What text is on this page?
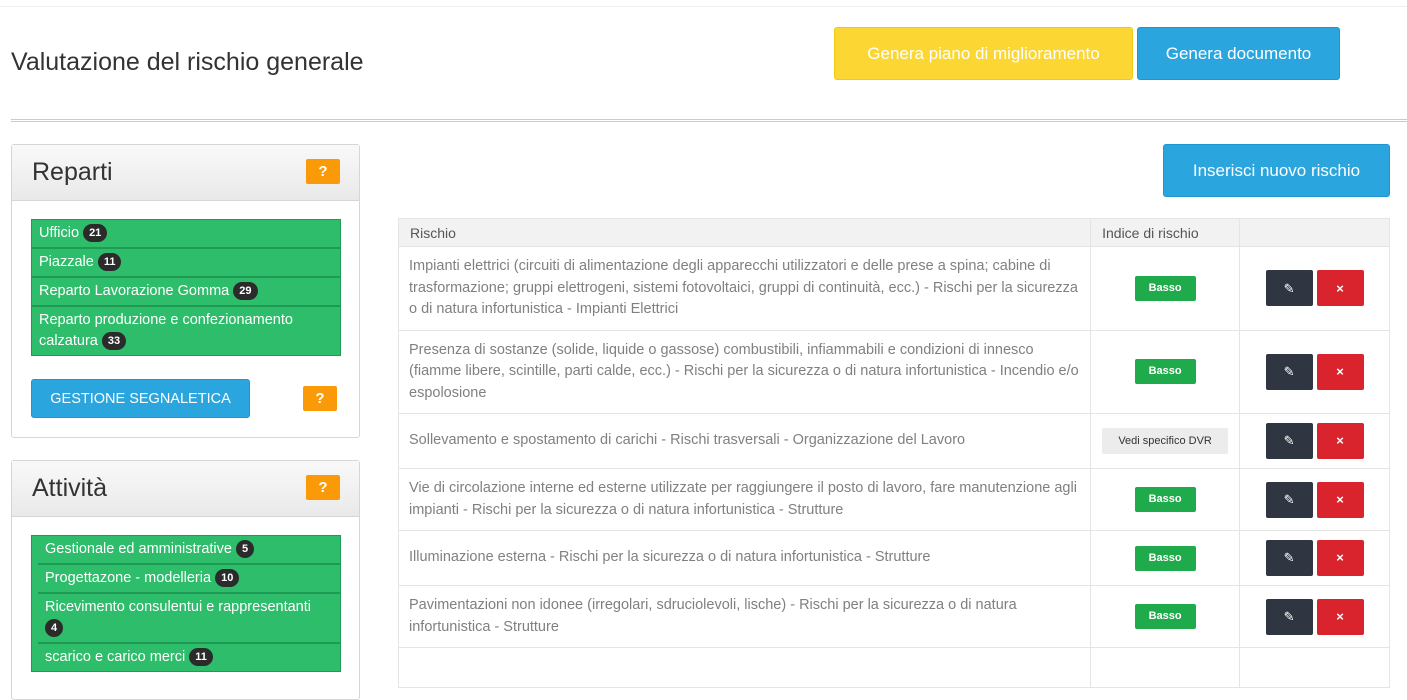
Valutazione del rischio generale	Genera piano di miglioramento	Genera documento
Reparti	?
Ufficio 21
Piazzale 11
Reparto Lavorazione Gomma 29
Reparto produzione e confezionamento calzatura 33
GESTIONE SEGNALETICA	?
Attività	?
Gestionale ed amministrative 5
Progettazone - modelleria 10
Ricevimento consulentui e rappresentanti 4
scarico e carico merci 11
Inserisci nuovo rischio
Rischio	Indice di rischio	
Impianti elettrici (circuiti di alimentazione degli apparecchi utilizzatori e delle prese a spina; cabine di trasformazione; gruppi elettrogeni, sistemi fotovoltaici, gruppi di continuità, ecc.) - Rischi per la sicurezza o di natura infortunistica - Impianti Elettrici	Basso	✎ ×

Presenza di sostanze (solide, liquide o gassose) combustibili, infiammabili e condizioni di innesco (fiamme libere, scintille, parti calde, ecc.) - Rischi per la sicurezza o di natura infortunistica - Incendio e/o espolosione	Basso	✎ ×

Sollevamento e spostamento di carichi - Rischi trasversali - Organizzazione del Lavoro	Vedi specifico DVR	✎ ×

Vie di circolazione interne ed esterne utilizzate per raggiungere il posto di lavoro, fare manutenzione agli impianti - Rischi per la sicurezza o di natura infortunistica - Strutture	Basso	✎ ×

Illuminazione esterna - Rischi per la sicurezza o di natura infortunistica - Strutture	Basso	✎ ×

Pavimentazioni non idonee (irregolari, sdruciolevoli, lische) - Rischi per la sicurezza o di natura infortunistica - Strutture	Basso	✎ ×
